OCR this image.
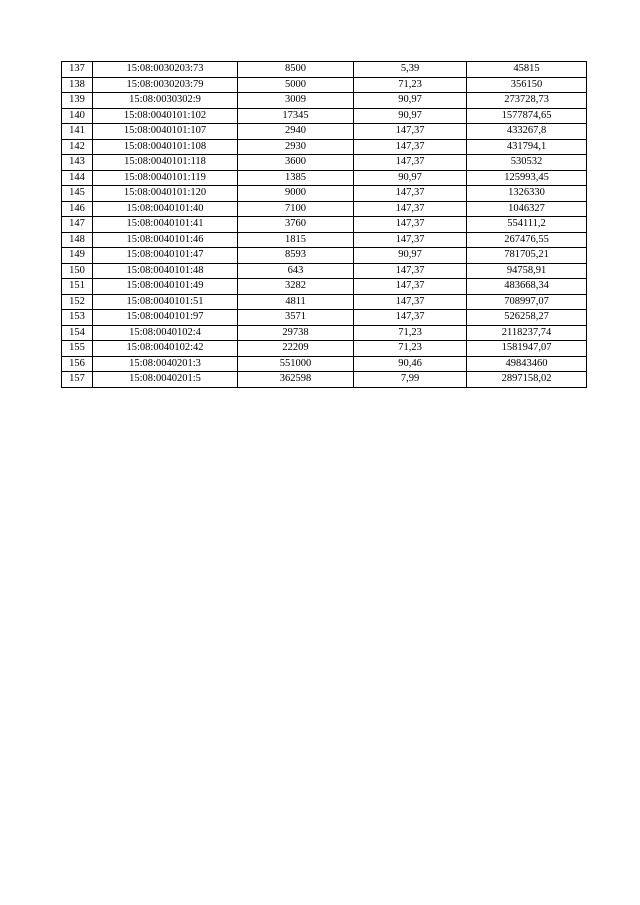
137	15:08:0030203:73	8500	5,39	45815
138	15:08:0030203:79	5000	71,23	356150
139	15:08:0030302:9	3009	90,97	273728,73
140	15:08:0040101:102	17345	90,97	1577874,65
141	15:08:0040101:107	2940	147,37	433267,8
142	15:08:0040101:108	2930	147,37	431794,1
143	15:08:0040101:118	3600	147,37	530532
144	15:08:0040101:119	1385	90,97	125993,45
145	15:08:0040101:120	9000	147,37	1326330
146	15:08:0040101:40	7100	147,37	1046327
147	15:08:0040101:41	3760	147,37	554111,2
148	15:08:0040101:46	1815	147,37	267476,55
149	15:08:0040101:47	8593	90,97	781705,21
150	15:08:0040101:48	643	147,37	94758,91
151	15:08:0040101:49	3282	147,37	483668,34
152	15:08:0040101:51	4811	147,37	708997,07
153	15:08:0040101:97	3571	147,37	526258,27
154	15:08:0040102:4	29738	71,23	2118237,74
155	15:08:0040102:42	22209	71,23	1581947,07
156	15:08:0040201:3	551000	90,46	49843460
157	15:08:0040201:5	362598	7,99	2897158,02
